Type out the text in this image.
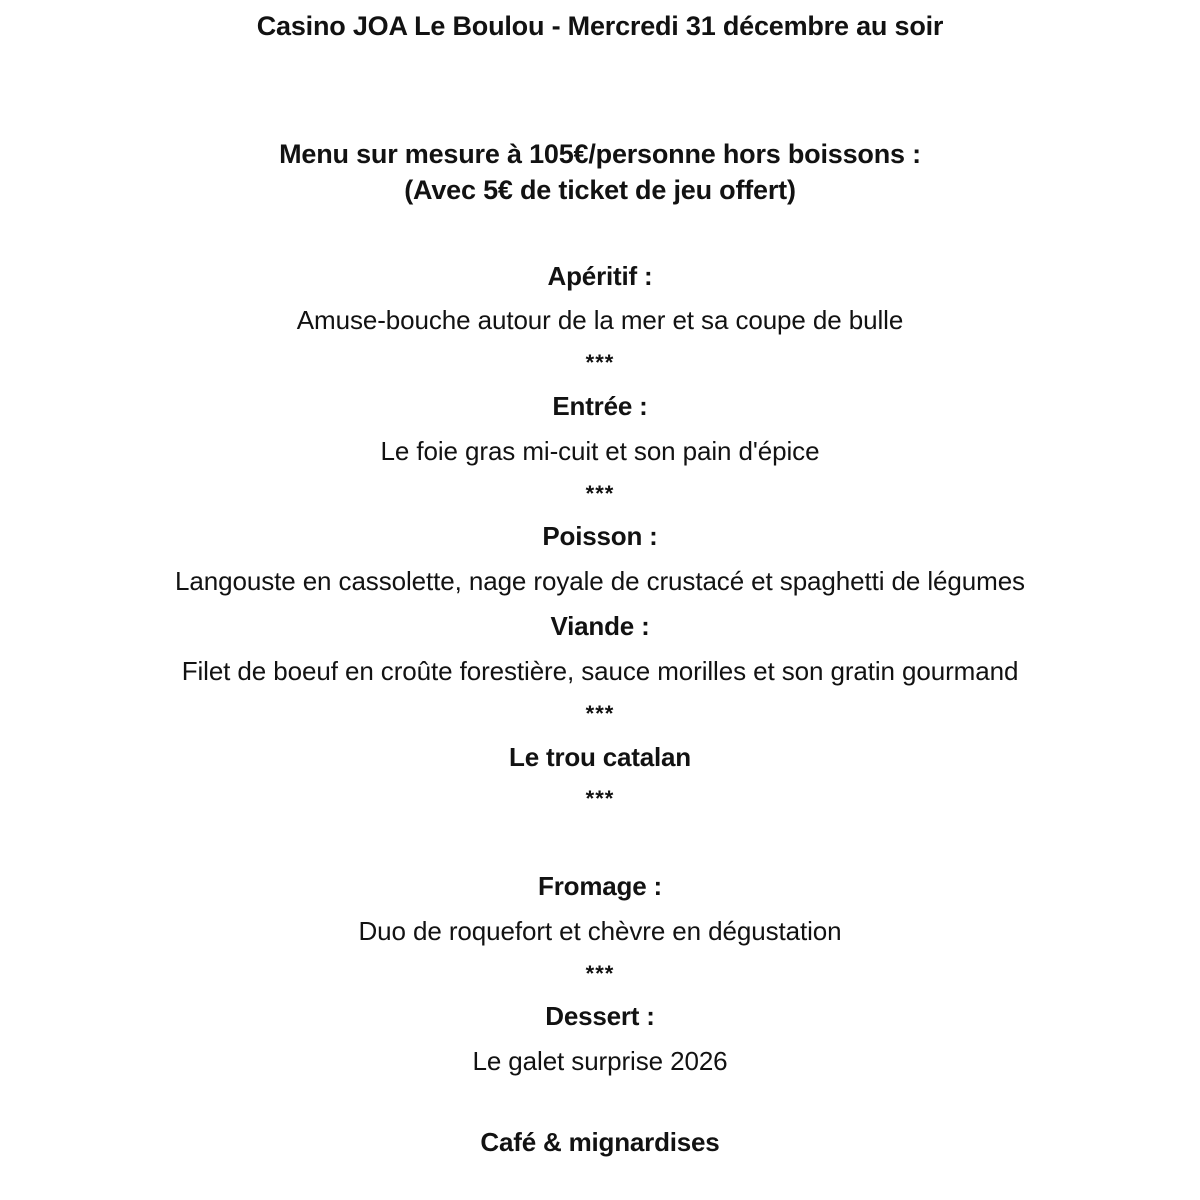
Casino JOA Le Boulou - Mercredi 31 décembre au soir

Menu sur mesure à 105€/personne hors boissons :

(Avec 5€ de ticket de jeu offert)

Apéritif :

Amuse-bouche autour de la mer et sa coupe de bulle

***

Entrée :

Le foie gras mi-cuit et son pain d'épice

***

Poisson :

Langouste en cassolette, nage royale de crustacé et spaghetti de légumes

Viande :

Filet de boeuf en croûte forestière, sauce morilles et son gratin gourmand

***

Le trou catalan

***

Fromage :

Duo de roquefort et chèvre en dégustation

***

Dessert :

Le galet surprise 2026

Café & mignardises
